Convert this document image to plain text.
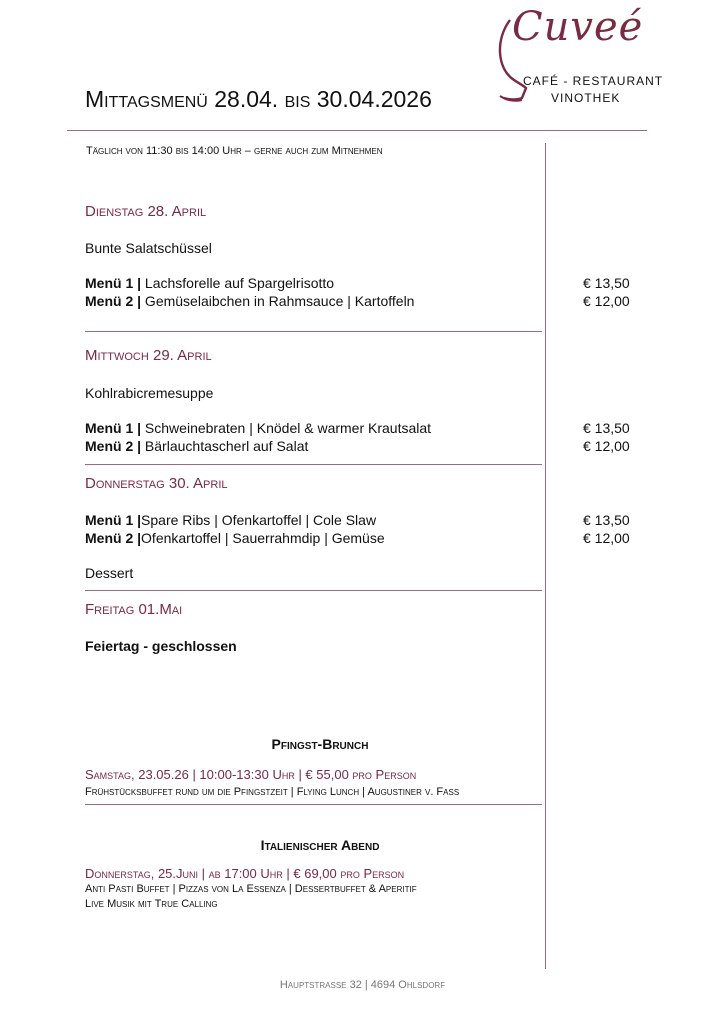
Cuveé
CAFÉ - RESTAURANT
VINOTHEK
Mittagsmenü 28.04. bis 30.04.2026
Täglich von 11:30 bis 14:00 Uhr – gerne auch zum Mitnehmen
Dienstag 28. April
Bunte Salatschüssel
Menü 1 | Lachsforelle auf Spargelrisotto	€ 13,50
Menü 2 | Gemüselaibchen in Rahmsauce | Kartoffeln	€ 12,00
Mittwoch 29. April
Kohlrabicremesuppe
Menü 1 | Schweinebraten | Knödel & warmer Krautsalat	€ 13,50
Menü 2 | Bärlauchtascherl auf Salat	€ 12,00
Donnerstag 30. April
Menü 1 |Spare Ribs | Ofenkartoffel | Cole Slaw	€ 13,50
Menü 2 |Ofenkartoffel | Sauerrahmdip | Gemüse	€ 12,00
Dessert
Freitag 01.Mai
Feiertag - geschlossen
Pfingst-Brunch
Samstag, 23.05.26 | 10:00-13:30 Uhr | € 55,00 pro Person
Frühstücksbuffet rund um die Pfingstzeit | Flying Lunch | Augustiner v. Faß
Italienischer Abend
Donnerstag, 25.Juni | ab 17:00 Uhr | € 69,00 pro Person
Anti Pasti Buffet | Pizzas von La Essenza | Dessertbuffet & Aperitif
Live Musik mit True Calling
Hauptstraße 32 | 4694 Ohlsdorf
